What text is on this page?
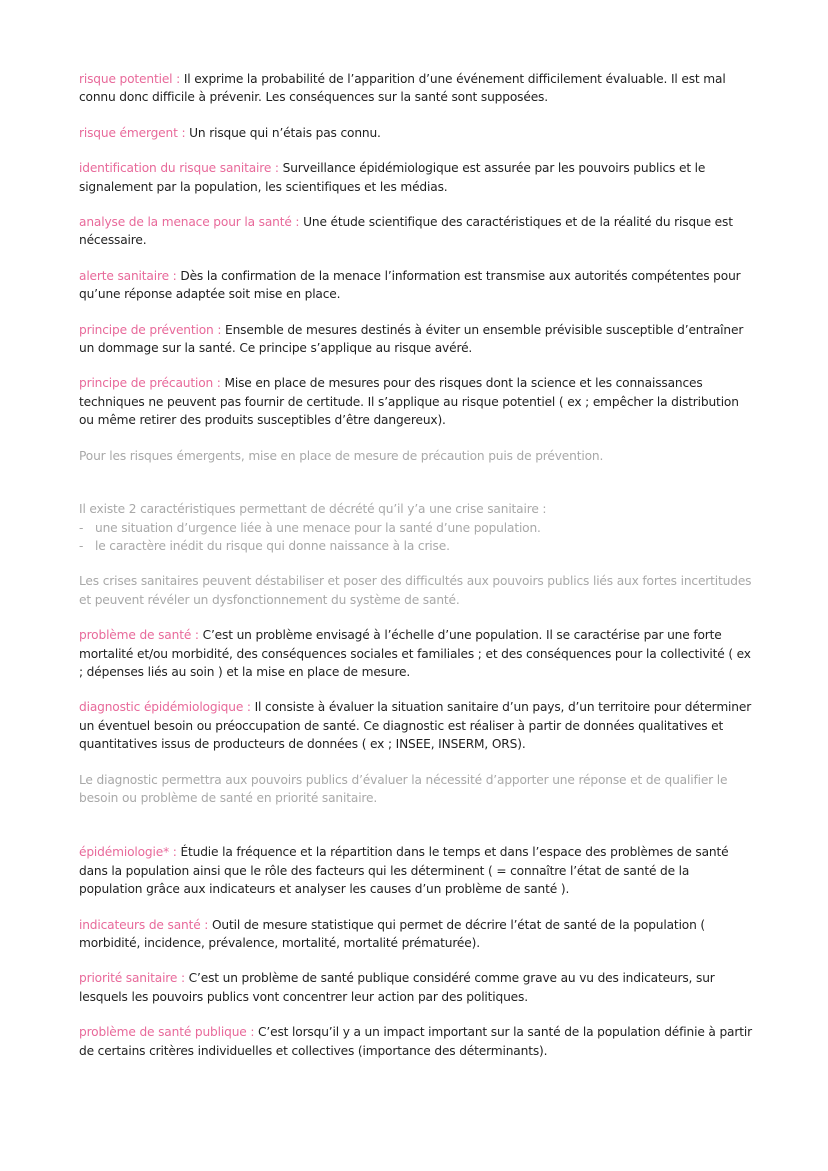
risque potentiel : Il exprime la probabilité de l’apparition d’une événement difficilement évaluable. Il est mal connu donc difficile à prévenir. Les conséquences sur la santé sont supposées.

risque émergent : Un risque qui n’étais pas connu.

identification du risque sanitaire : Surveillance épidémiologique est assurée par les pouvoirs publics et le signalement par la population, les scientifiques et les médias.

analyse de la menace pour la santé : Une étude scientifique des caractéristiques et de la réalité du risque est nécessaire.

alerte sanitaire : Dès la confirmation de la menace l’information est transmise aux autorités compétentes pour qu’une réponse adaptée soit mise en place.

principe de prévention : Ensemble de mesures destinés à éviter un ensemble prévisible susceptible d’entraîner un dommage sur la santé. Ce principe s’applique au risque avéré.

principe de précaution : Mise en place de mesures pour des risques dont la science et les connaissances techniques ne peuvent pas fournir de certitude. Il s’applique au risque potentiel ( ex ; empêcher la distribution ou même retirer des produits susceptibles d’être dangereux).

Pour les risques émergents, mise en place de mesure de précaution puis de prévention.

Il existe 2 caractéristiques permettant de décrété qu’il y’a une crise sanitaire :
- une situation d’urgence liée à une menace pour la santé d’une population.
- le caractère inédit du risque qui donne naissance à la crise.

Les crises sanitaires peuvent déstabiliser et poser des difficultés aux pouvoirs publics liés aux fortes incertitudes et peuvent révéler un dysfonctionnement du système de santé.

problème de santé : C’est un problème envisagé à l’échelle d’une population. Il se caractérise par une forte mortalité et/ou morbidité, des conséquences sociales et familiales ; et des conséquences pour la collectivité ( ex ; dépenses liés au soin ) et la mise en place de mesure.

diagnostic épidémiologique : Il consiste à évaluer la situation sanitaire d’un pays, d’un territoire pour déterminer un éventuel besoin ou préoccupation de santé. Ce diagnostic est réaliser à partir de données qualitatives et quantitatives issus de producteurs de données ( ex ; INSEE, INSERM, ORS).

Le diagnostic permettra aux pouvoirs publics d’évaluer la nécessité d’apporter une réponse et de qualifier le besoin ou problème de santé en priorité sanitaire.

épidémiologie* : Étudie la fréquence et la répartition dans le temps et dans l’espace des problèmes de santé dans la population ainsi que le rôle des facteurs qui les déterminent ( = connaître l’état de santé de la population grâce aux indicateurs et analyser les causes d’un problème de santé ).

indicateurs de santé : Outil de mesure statistique qui permet de décrire l’état de santé de la population ( morbidité, incidence, prévalence, mortalité, mortalité prématurée).

priorité sanitaire : C’est un problème de santé publique considéré comme grave au vu des indicateurs, sur lesquels les pouvoirs publics vont concentrer leur action par des politiques.

problème de santé publique : C’est lorsqu’il y a un impact important sur la santé de la population définie à partir de certains critères individuelles et collectives (importance des déterminants).
